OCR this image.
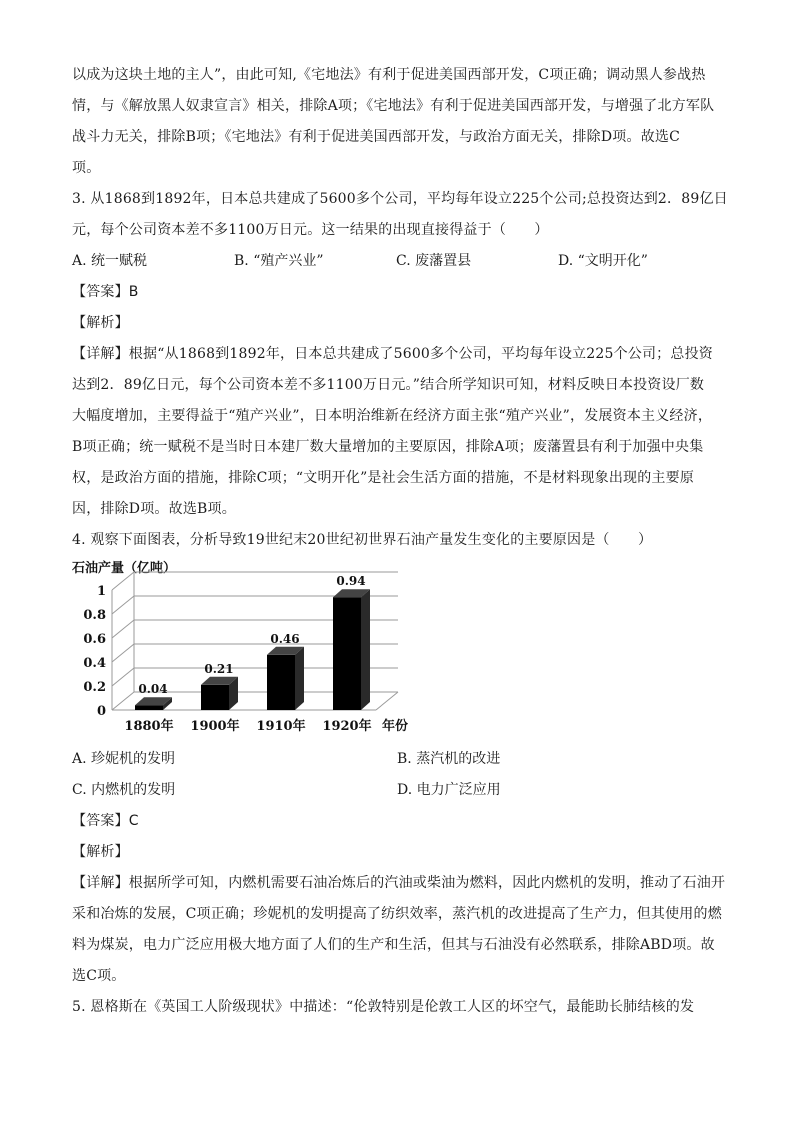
以成为这块土地的主人”，由此可知,《宅地法》有利于促进美国西部开发，C项正确；调动黑人参战热
情，与《解放黑人奴隶宣言》相关，排除A项；《宅地法》有利于促进美国西部开发，与增强了北方军队
战斗力无关，排除B项；《宅地法》有利于促进美国西部开发，与政治方面无关，排除D项。故选C
项。
3. 从1868到1892年，日本总共建成了5600多个公司，平均每年设立225个公司;总投资达到2．89亿日
元，每个公司资本差不多1100万日元。这一结果的出现直接得益于（　　）
A. 统一赋税	B. “殖产兴业”	C. 废藩置县	D. “文明开化”
【答案】B
【解析】
【详解】根据“从1868到1892年，日本总共建成了5600多个公司，平均每年设立225个公司；总投资
达到2．89亿日元，每个公司资本差不多1100万日元。”结合所学知识可知，材料反映日本投资设厂数
大幅度增加，主要得益于“殖产兴业”，日本明治维新在经济方面主张“殖产兴业”，发展资本主义经济，
B项正确；统一赋税不是当时日本建厂数大量增加的主要原因，排除A项；废藩置县有利于加强中央集
权，是政治方面的措施，排除C项；“文明开化”是社会生活方面的措施，不是材料现象出现的主要原
因，排除D项。故选B项。
4. 观察下面图表，分析导致19世纪末20世纪初世界石油产量发生变化的主要原因是（　　）
石油产量（亿吨）
0
0.2
0.4
0.6
0.8
1
0.04
1880年
0.21
1900年
0.46
1910年
0.94
1920年 年份
A. 珍妮机的发明	B. 蒸汽机的改进
C. 内燃机的发明	D. 电力广泛应用
【答案】C
【解析】
【详解】根据所学可知，内燃机需要石油冶炼后的汽油或柴油为燃料，因此内燃机的发明，推动了石油开
采和冶炼的发展，C项正确；珍妮机的发明提高了纺织效率，蒸汽机的改进提高了生产力，但其使用的燃
料为煤炭，电力广泛应用极大地方面了人们的生产和生活，但其与石油没有必然联系，排除ABD项。故
选C项。
5. 恩格斯在《英国工人阶级现状》中描述：“伦敦特别是伦敦工人区的坏空气，最能助长肺结核的发
